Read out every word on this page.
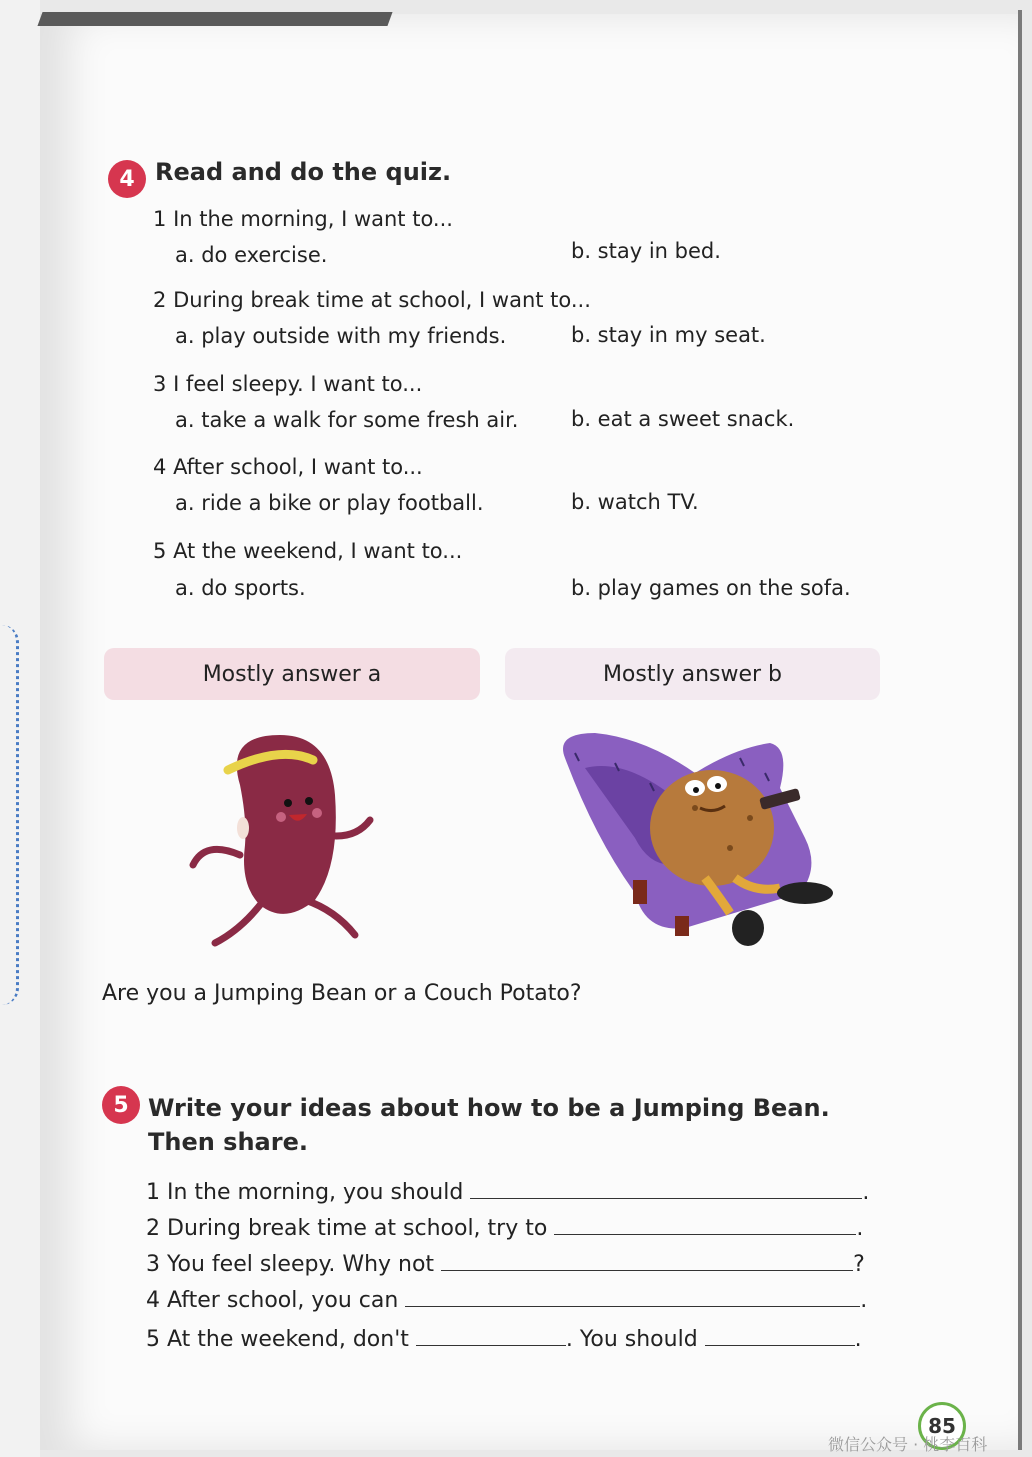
4 Read and do the quiz.
1 In the morning, I want to...
a. do exercise.	b. stay in bed.
2 During break time at school, I want to...
a. play outside with my friends.	b. stay in my seat.
3 I feel sleepy. I want to...
a. take a walk for some fresh air.	b. eat a sweet snack.
4 After school, I want to...
a. ride a bike or play football.	b. watch TV.
5 At the weekend, I want to...
a. do sports.	b. play games on the sofa.
Mostly answer a	Mostly answer b
Are you a Jumping Bean or a Couch Potato?
5 Write your ideas about how to be a Jumping Bean.
Then share.
1 In the morning, you should	.
2 During break time at school, try to	.
3 You feel sleepy. Why not	?
4 After school, you can	.
5 At the weekend, don't	. You should	.
85
微信公众号 · 桃李百科
